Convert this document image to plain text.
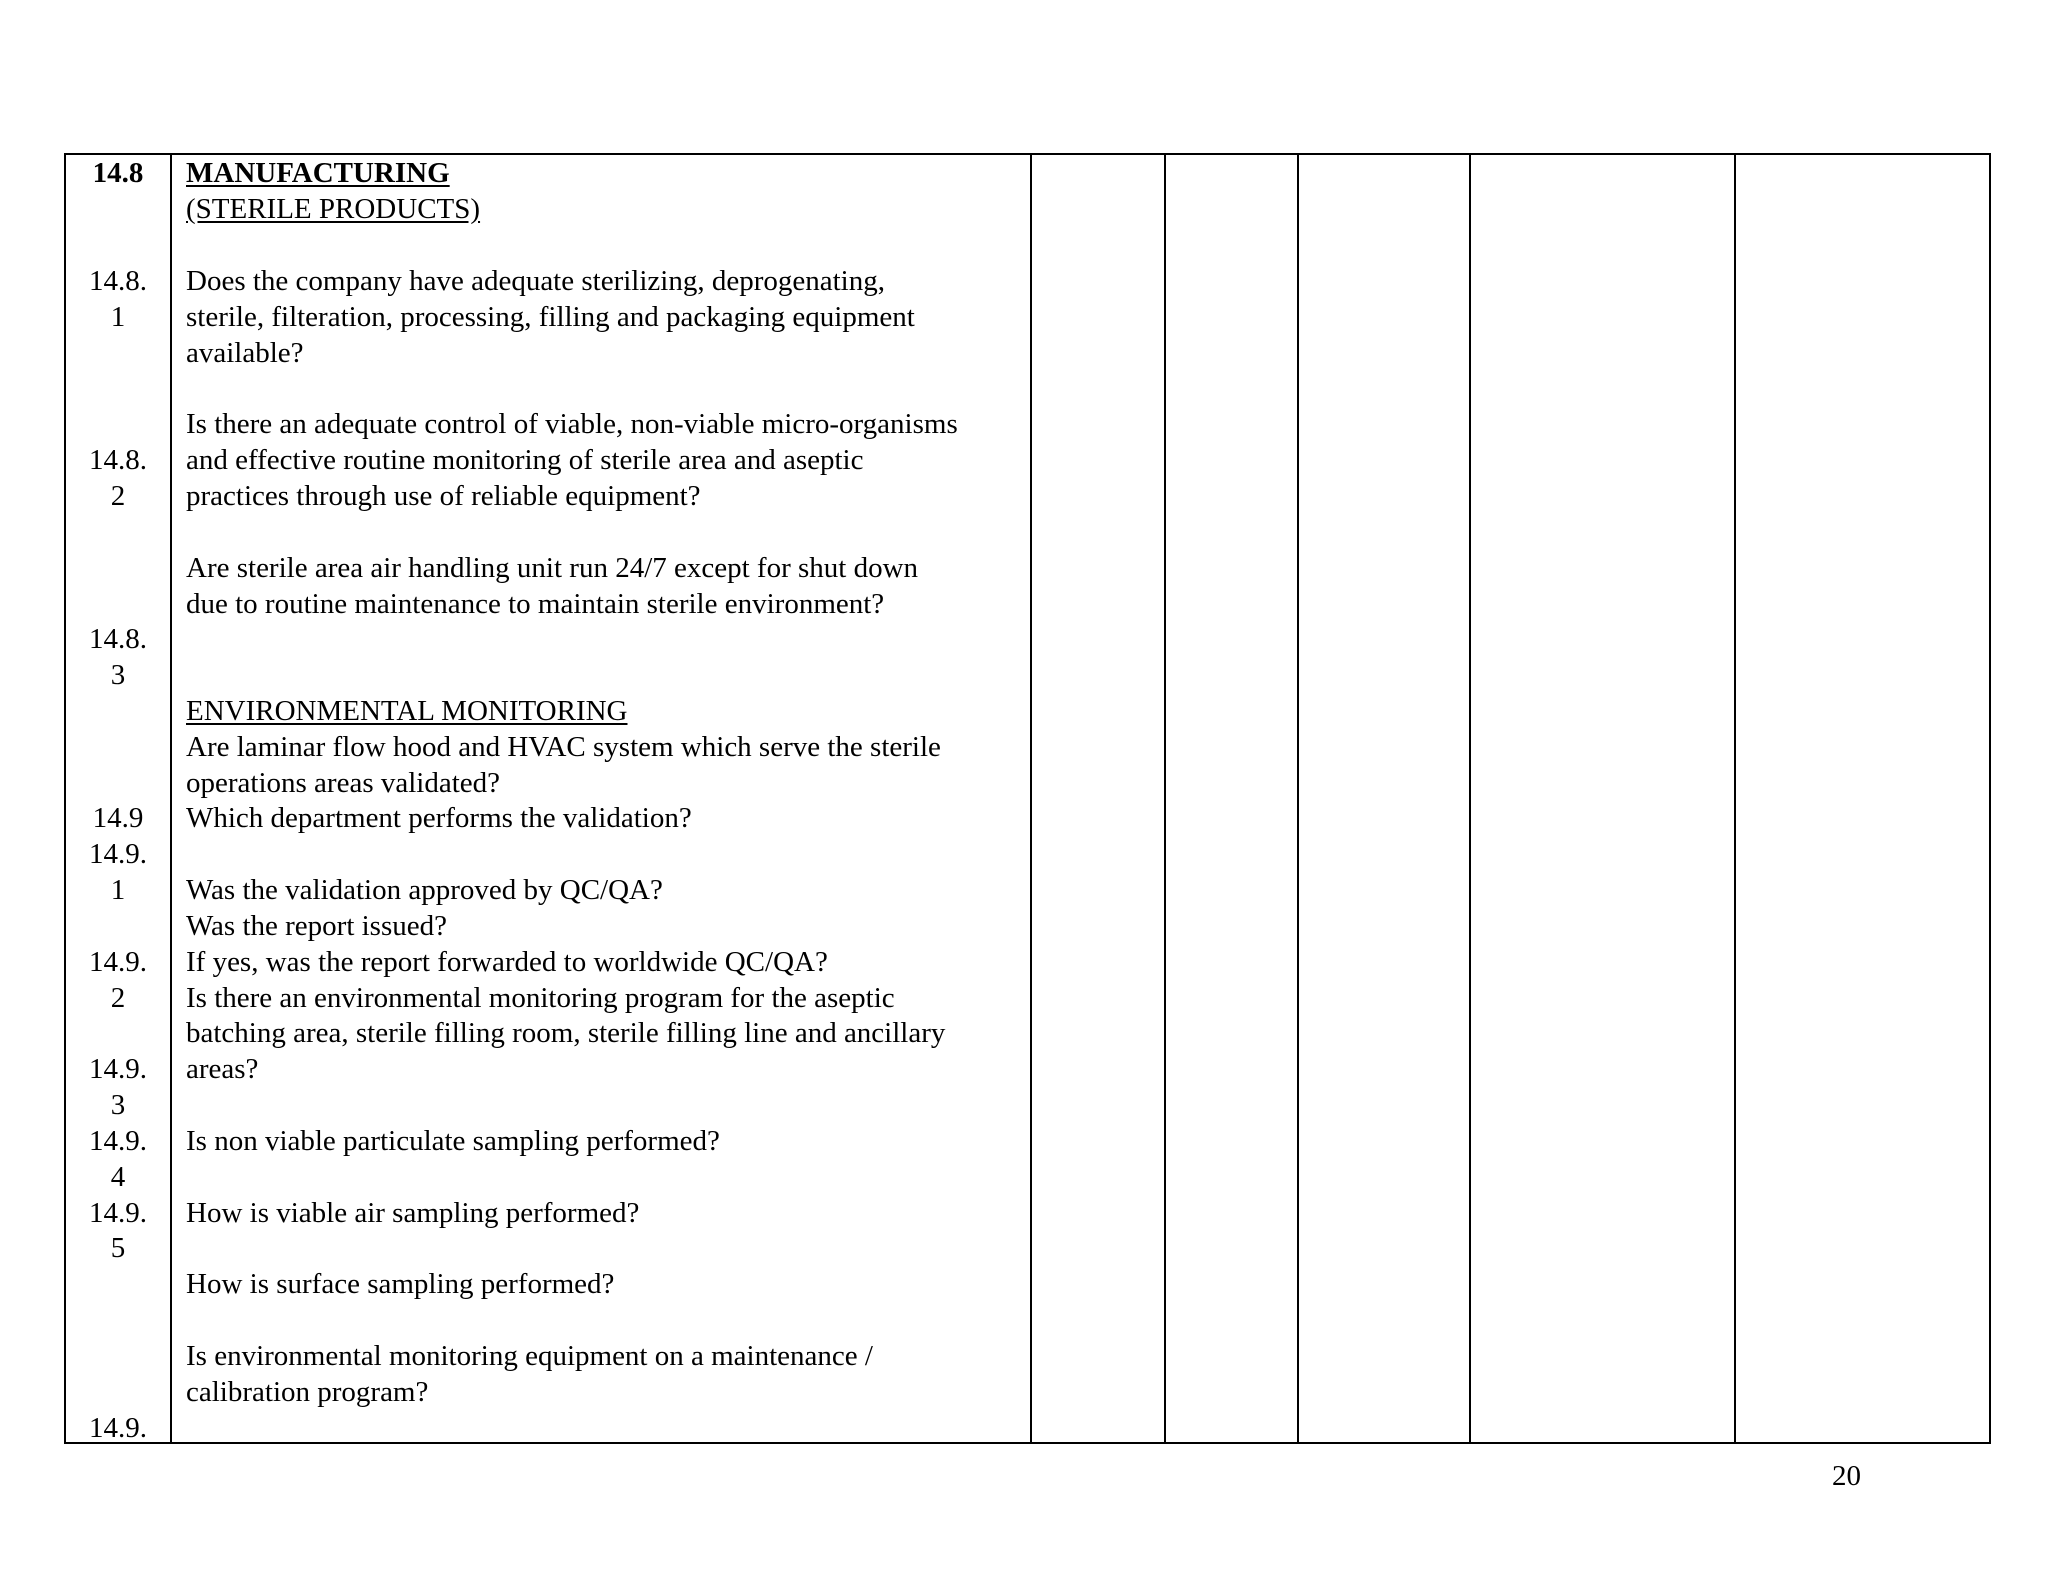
14.8
14.8.
1
14.8.
2
14.8.
3
14.9
14.9.
1
14.9.
2
14.9.
3
14.9.
4
14.9.
5
14.9.
MANUFACTURING
(STERILE PRODUCTS)
Does the company have adequate sterilizing, deprogenating,
sterile, filteration, processing, filling and packaging equipment
available?
Is there an adequate control of viable, non-viable micro-organisms
and effective routine monitoring of sterile area and aseptic
practices through use of reliable equipment?
Are sterile area air handling unit run 24/7 except for shut down
due to routine maintenance to maintain sterile environment?
ENVIRONMENTAL MONITORING
Are laminar flow hood and HVAC system which serve the sterile
operations areas validated?
Which department performs the validation?
Was the validation approved by QC/QA?
Was the report issued?
If yes, was the report forwarded to worldwide QC/QA?
Is there an environmental monitoring program for the aseptic
batching area, sterile filling room, sterile filling line and ancillary
areas?
Is non viable particulate sampling performed?
How is viable air sampling performed?
How is surface sampling performed?
Is environmental monitoring equipment on a maintenance /
calibration program?
20
